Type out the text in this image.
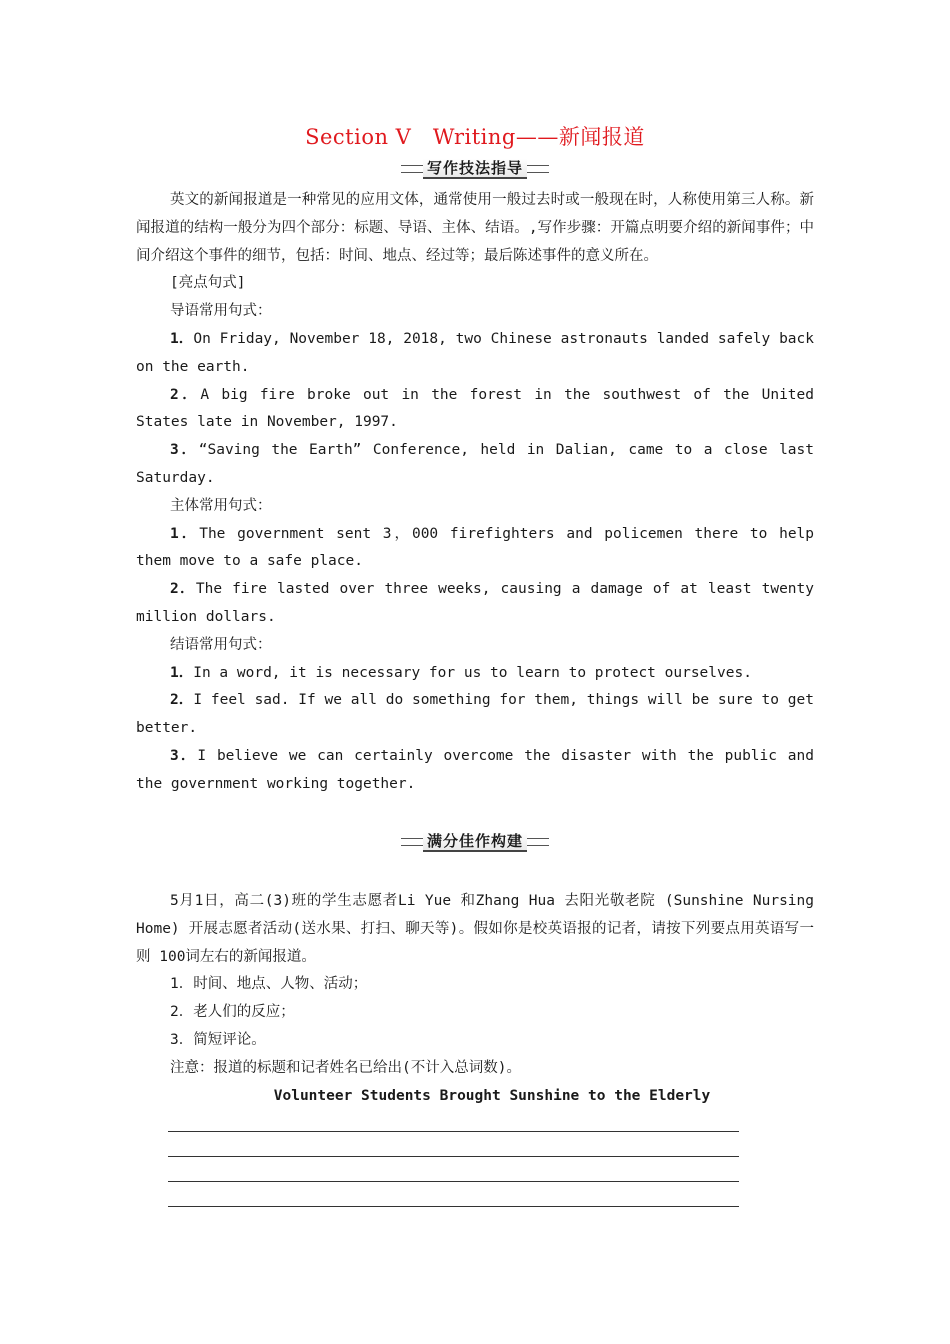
Section Ⅴ　Writing——新闻报道
写作技法指导

英文的新闻报道是一种常见的应用文体，通常使用一般过去时或一般现在时，人称使用第三人称。新闻报道的结构一般分为四个部分：标题、导语、主体、结语。,写作步骤：开篇点明要介绍的新闻事件；中间介绍这个事件的细节，包括：时间、地点、经过等；最后陈述事件的意义所在。

[亮点句式]

导语常用句式：

1．On Friday, November 18, 2018, two Chinese astronauts landed safely back on the earth.

2．A big fire broke out in the forest in the southwest of the United States late in November, 1997.

3．“Saving the Earth” Conference, held in Dalian, came to a close last Saturday.

主体常用句式：

1．The government sent 3，000 firefighters and policemen there to help them move to a safe place.

2．The fire lasted over three weeks, causing a damage of at least twenty million dollars.

结语常用句式：

1．In a word, it is necessary for us to learn to protect ourselves.

2．I feel sad. If we all do something for them, things will be sure to get better.

3．I believe we can certainly overcome the disaster with the public and the government working together.

满分佳作构建

5月1日，高二(3)班的学生志愿者Li Yue 和Zhang Hua 去阳光敬老院 (Sunshine Nursing Home) 开展志愿者活动(送水果、打扫、聊天等)。假如你是校英语报的记者，请按下列要点用英语写一则 100词左右的新闻报道。

1．时间、地点、人物、活动；

2．老人们的反应；

3．简短评论。

注意：报道的标题和记者姓名已给出(不计入总词数)。

Volunteer Students Brought Sunshine to the Elderly
